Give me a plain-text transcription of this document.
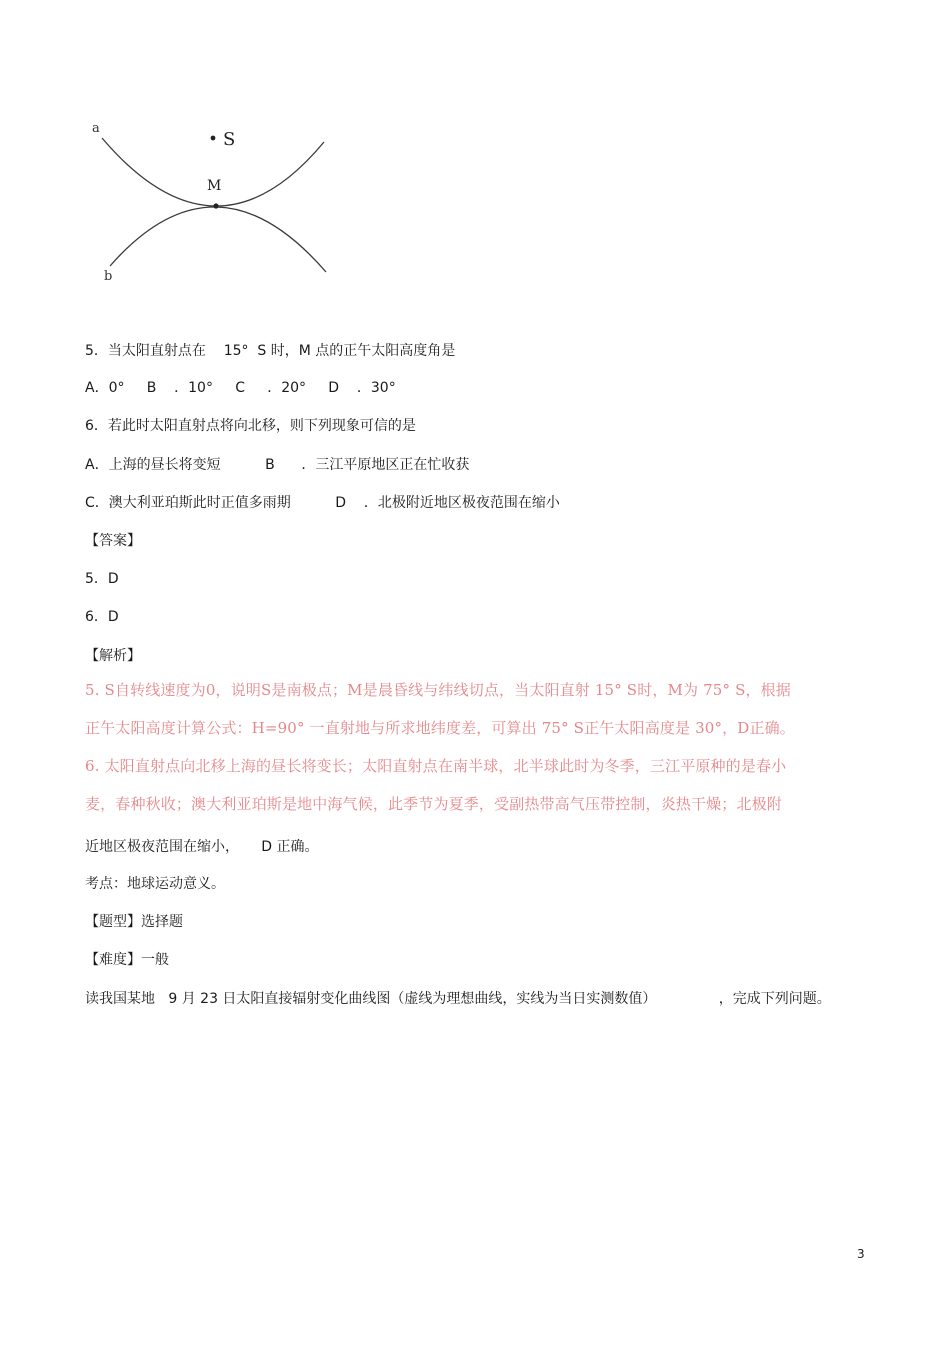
a
b
S
M
5．当太阳直射点在    15°  S 时，M 点的正午太阳高度角是
A．0°     B    ．10°     C     ．20°     D    ．30°
6．若此时太阳直射点将向北移，则下列现象可信的是
A．上海的昼长将变短          B      ．三江平原地区正在忙收获
C．澳大利亚珀斯此时正值多雨期          D    ．北极附近地区极夜范围在缩小
【答案】
5．D
6．D
【解析】
5. S自转线速度为0，说明S是南极点；M是晨昏线与纬线切点，当太阳直射 15° S时，M为 75° S，根据
正午太阳高度计算公式：H=90° 一直射地与所求地纬度差，可算出 75° S正午太阳高度是 30°，D正确。
6. 太阳直射点向北移上海的昼长将变长；太阳直射点在南半球，北半球此时为冬季，三江平原种的是春小
麦，春种秋收；澳大利亚珀斯是地中海气候，此季节为夏季，受副热带高气压带控制，炎热干燥；北极附
近地区极夜范围在缩小，     D 正确。
考点：地球运动意义。
【题型】选择题
【难度】一般
读我国某地   9 月 23 日太阳直接辐射变化曲线图（虚线为理想曲线，实线为当日实测数值）              ，完成下列问题。
3
